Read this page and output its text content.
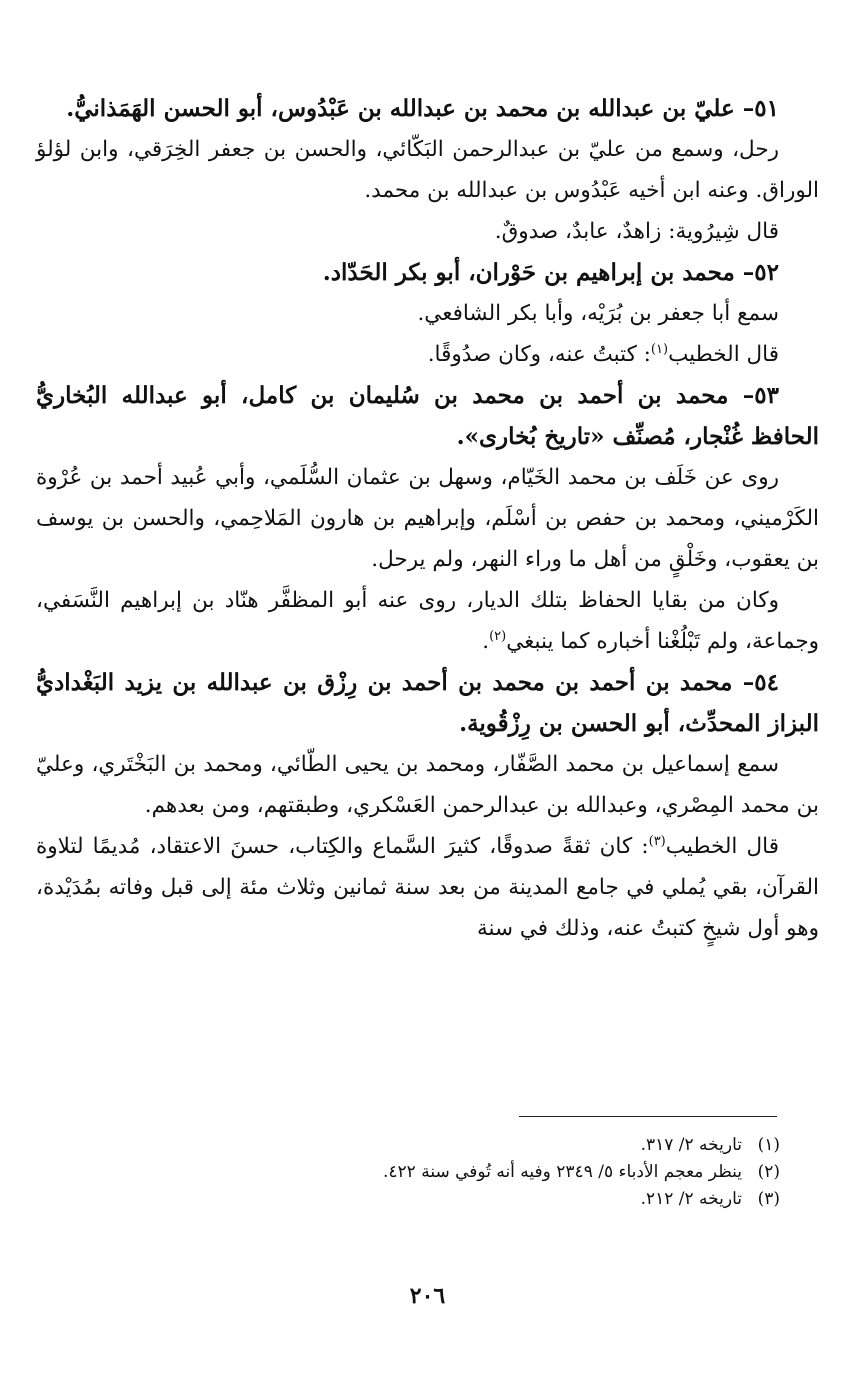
٥١– عليّ بن عبدالله بن محمد بن عبدالله بن عَبْدُوس، أبو الحسن الهَمَذانيُّ.

رحل، وسمع من عليّ بن عبدالرحمن البَكّائي، والحسن بن جعفر الخِرَقي، وابن لؤلؤ الوراق. وعنه ابن أخيه عَبْدُوس بن عبدالله بن محمد.

قال شِيرُوية: زاهدٌ، عابدٌ، صدوقٌ.

٥٢– محمد بن إبراهيم بن حَوْران، أبو بكر الحَدّاد.

سمع أبا جعفر بن بُرَيْه، وأبا بكر الشافعي.

قال الخطيب$^{(١)}$: كتبتُ عنه، وكان صدُوقًا.

٥٣– محمد بن أحمد بن محمد بن سُليمان بن كامل، أبو عبدالله البُخاريُّ الحافظ غُنْجار، مُصنِّف «تاريخ بُخارى».

روى عن خَلَف بن محمد الخَيّام، وسهل بن عثمان السُّلَمي، وأبي عُبيد أحمد بن عُرْوة الكَرْميني، ومحمد بن حفص بن أسْلَم، وإبراهيم بن هارون المَلاحِمي، والحسن بن يوسف بن يعقوب، وخَلْقٍ من أهل ما وراء النهر، ولم يرحل.

وكان من بقايا الحفاظ بتلك الديار، روى عنه أبو المظفَّر هنّاد بن إبراهيم النَّسَفي، وجماعة، ولم تَبْلُغْنا أخباره كما ينبغي$^{(٢)}$.

٥٤– محمد بن أحمد بن محمد بن أحمد بن رِزْق بن عبدالله بن يزيد البَغْداديُّ البزاز المحدِّث، أبو الحسن بن رِزْقُوية.

سمع إسماعيل بن محمد الصَّفّار، ومحمد بن يحيى الطّائي، ومحمد بن البَخْتَري، وعليّ بن محمد المِصْري، وعبدالله بن عبدالرحمن العَسْكري، وطبقتهم، ومن بعدهم.

قال الخطيب$^{(٣)}$: كان ثقةً صدوقًا، كثيرَ السَّماع والكِتاب، حسنَ الاعتقاد، مُديمًا لتلاوة القرآن، بقي يُملي في جامع المدينة من بعد سنة ثمانين وثلاث مئة إلى قبل وفاته بمُدَيْدة، وهو أول شيخٍ كتبتُ عنه، وذلك في سنة

(١)تاريخه ٢/ ٣١٧.

(٢)ينظر معجم الأدباء ٥/ ٢٣٤٩ وفيه أنه تُوفي سنة ٤٢٢.

(٣)تاريخه ٢/ ٢١٢.

٢٠٦
